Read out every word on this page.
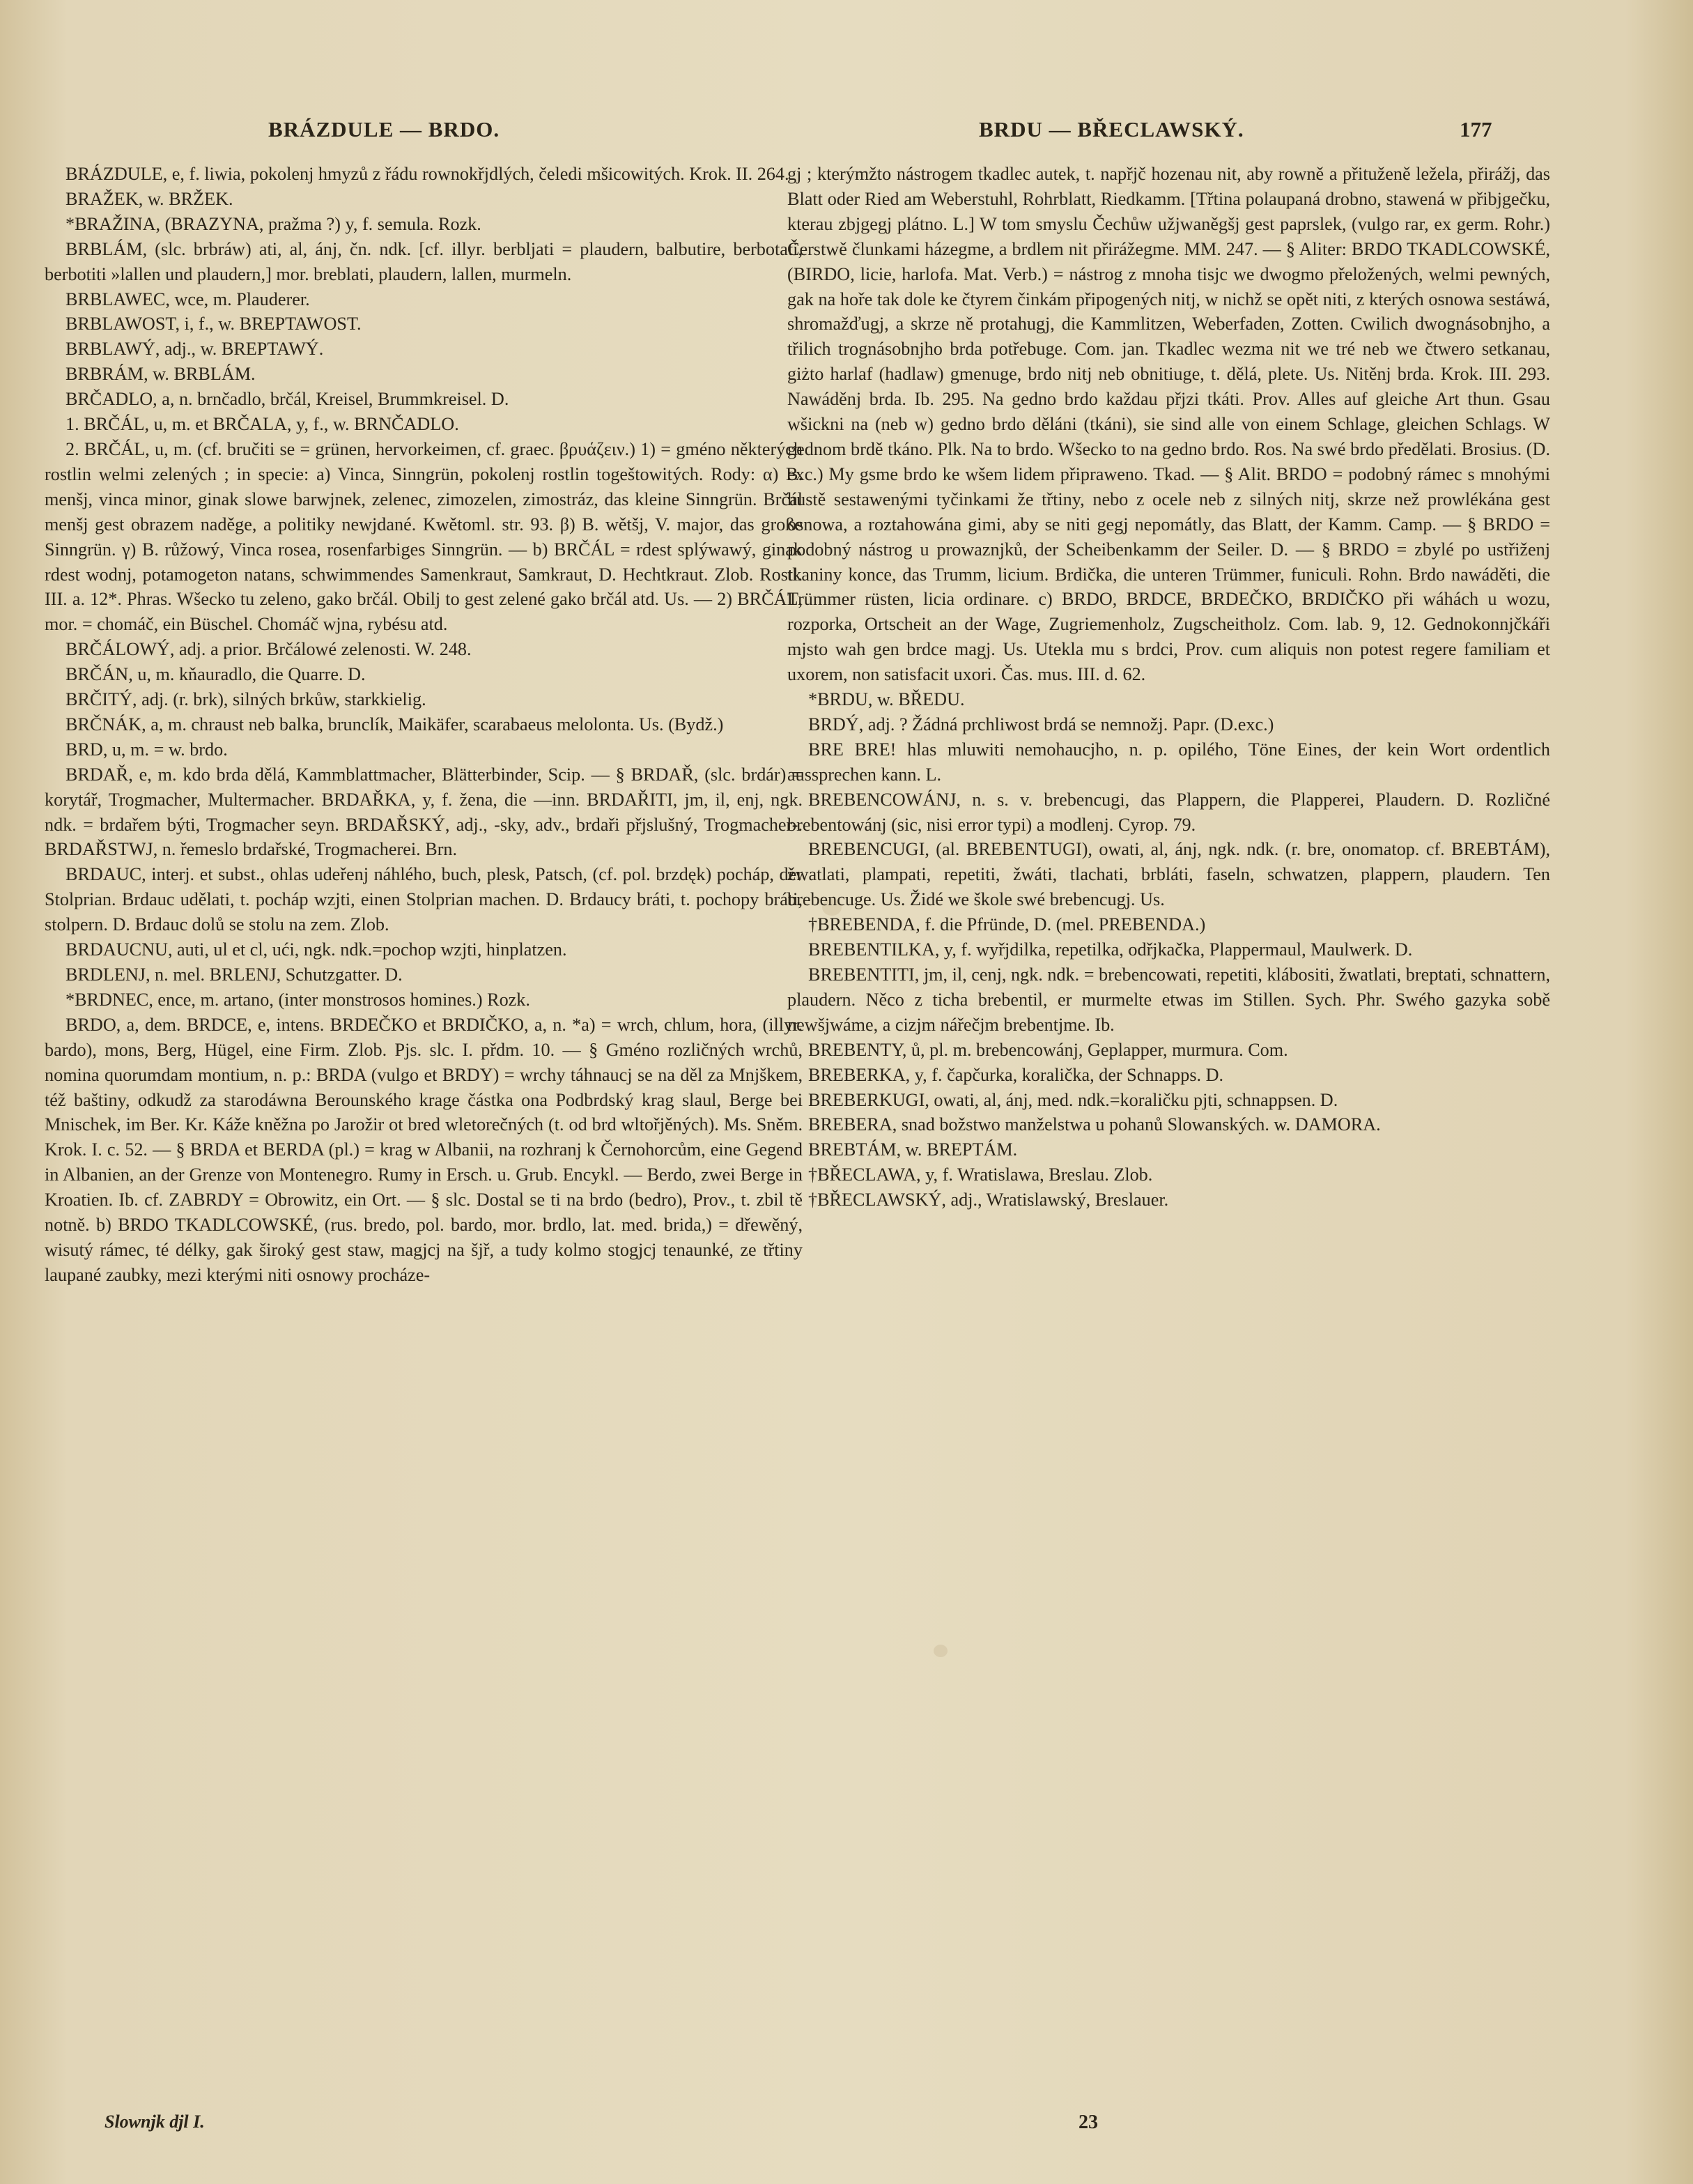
BRÁZDULE — BRDO.	BRDU — BŘECLAWSKÝ.	177

BRÁZDULE, e, f. liwia, pokolenj hmyzů z řádu rownokřjdlých, čeledi mšicowitých. Krok. II. 264.

BRAŽEK, w. BRŽEK.

*BRAŽINA, (BRAZYNA, pražma ?) y, f. semula. Rozk.

BRBLÁM, (slc. brbráw) ati, al, ánj, čn. ndk. [cf. illyr. berbljati = plaudern, balbutire, berbotati, berbotiti »lallen und plaudern,] mor. breblati, plaudern, lallen, murmeln.

BRBLAWEC, wce, m. Plauderer.

BRBLAWOST, i, f., w. BREPTAWOST.

BRBLAWÝ, adj., w. BREPTAWÝ.

BRBRÁM, w. BRBLÁM.

BRČADLO, a, n. brnčadlo, brčál, Kreisel, Brummkreisel. D.

1. BRČÁL, u, m. et BRČALA, y, f., w. BRNČADLO.

2. BRČÁL, u, m. (cf. bručiti se = grünen, hervorkeimen, cf. graec. βρυάζειν.) 1) = gméno některých rostlin welmi zelených ; in specie: a) Vinca, Sinngrün, pokolenj rostlin togeštowitých. Rody: α) B. menšj, vinca minor, ginak slowe barwjnek, zelenec, zimozelen, zimostráz, das kleine Sinngrün. Brčál menšj gest obrazem naděge, a politiky newjdané. Kwětoml. str. 93. β) B. wětšj, V. major, das große Sinngrün. γ) B. růžowý, Vinca rosea, rosenfarbiges Sinngrün. — b) BRČÁL = rdest splýwawý, ginak rdest wodnj, potamogeton natans, schwimmendes Samenkraut, Samkraut, D. Hechtkraut. Zlob. Rostl. III. a. 12*. Phras. Wšecko tu zeleno, gako brčál. Obilj to gest zelené gako brčál atd. Us. — 2) BRČÁL, mor. = chomáč, ein Büschel. Chomáč wjna, rybésu atd.

BRČÁLOWÝ, adj. a prior. Brčálowé zelenosti. W. 248.

BRČÁN, u, m. kňauradlo, die Quarre. D.

BRČITÝ, adj. (r. brk), silných brkůw, starkkielig.

BRČNÁK, a, m. chraust neb balka, brunclík, Maikäfer, scarabaeus melolonta. Us. (Bydž.)

BRD, u, m. = w. brdo.

BRDAŘ, e, m. kdo brda dělá, Kammblattmacher, Blätterbinder, Scip. — § BRDAŘ, (slc. brdár) = korytář, Trogmacher, Multermacher. BRDAŘKA, y, f. žena, die —inn. BRDAŘITI, jm, il, enj, ngk. ndk. = brdařem býti, Trogmacher seyn. BRDAŘSKÝ, adj., -sky, adv., brdaři přjslušný, Trogmacher-. BRDAŘSTWJ, n. řemeslo brdařské, Trogmacherei. Brn.

BRDAUC, interj. et subst., ohlas udeřenj náhlého, buch, plesk, Patsch, (cf. pol. brzdęk) pocháp, der Stolprian. Brdauc udělati, t. pocháp wzjti, einen Stolprian machen. D. Brdaucy bráti, t. pochopy bráti, stolpern. D. Brdauc dolů se stolu na zem. Zlob.

BRDAUCNU, auti, ul et cl, ući, ngk. ndk.=pochop wzjti, hinplatzen.

BRDLENJ, n. mel. BRLENJ, Schutzgatter. D.

*BRDNEC, ence, m. artano, (inter monstrosos homines.) Rozk.

BRDO, a, dem. BRDCE, e, intens. BRDEČKO et BRDIČKO, a, n. *a) = wrch, chlum, hora, (illyr. bardo), mons, Berg, Hügel, eine Firm. Zlob. Pjs. slc. I. přdm. 10. — § Gméno rozličných wrchů, nomina quorumdam montium, n. p.: BRDA (vulgo et BRDY) = wrchy táhnaucj se na děl za Mnjškem, též baštiny, odkudž za starodáwna Berounského krage částka ona Podbrdský krag slaul, Berge bei Mnischek, im Ber. Kr. Káže kněžna po Jarožir ot bred wletorečných (t. od brd wltořjěných). Ms. Sněm. Krok. I. c. 52. — § BRDA et BERDA (pl.) = krag w Albanii, na rozhranj k Černohorcům, eine Gegend in Albanien, an der Grenze von Montenegro. Rumy in Ersch. u. Grub. Encykl. — Berdo, zwei Berge in Kroatien. Ib. cf. ZABRDY = Obrowitz, ein Ort. — § slc. Dostal se ti na brdo (bedro), Prov., t. zbil tě notně. b) BRDO TKADLCOWSKÉ, (rus. bredo, pol. bardo, mor. brdlo, lat. med. brida,) = dřewěný, wisutý rámec, té délky, gak široký gest staw, magjcj na šjř, a tudy kolmo stogjcj tenaunké, ze třtiny laupané zaubky, mezi kterými niti osnowy procháze-

Slownjk djl I.

gj ; kterýmžto nástrogem tkadlec autek, t. napřjč hozenau nit, aby rowně a přituženě ležela, přirážj, das Blatt oder Ried am Weberstuhl, Rohrblatt, Riedkamm. [Třtina polaupaná drobno, stawená w přibjgečku, kterau zbjgegj plátno. L.] W tom smyslu Čechůw užjwaněgšj gest paprslek, (vulgo rar, ex germ. Rohr.) Čerstwě člunkami házegme, a brdlem nit přirážegme. MM. 247. — § Aliter: BRDO TKADLCOWSKÉ, (BIRDO, licie, harlofa. Mat. Verb.) = nástrog z mnoha tisjc we dwogmo přeložených, welmi pewných, gak na hoře tak dole ke čtyrem činkám připogených nitj, w nichž se opět niti, z kterých osnowa sestáwá, shromažďugj, a skrze ně protahugj, die Kammlitzen, Weberfaden, Zotten. Cwilich dwognásobnjho, a třilich trognásobnjho brda potřebuge. Com. jan. Tkadlec wezma nit we tré neb we čtwero setkanau, giżto harlaf (hadlaw) gmenuge, brdo nitj neb obnitiuge, t. dělá, plete. Us. Nitěnj brda. Krok. III. 293. Nawáděnj brda. Ib. 295. Na gedno brdo každau přjzi tkáti. Prov. Alles auf gleiche Art thun. Gsau wšickni na (neb w) gedno brdo děláni (tkáni), sie sind alle von einem Schlage, gleichen Schlags. W gednom brdě tkáno. Plk. Na to brdo. Wšecko to na gedno brdo. Ros. Na swé brdo předělati. Brosius. (D. exc.) My gsme brdo ke wšem lidem připraweno. Tkad. — § Alit. BRDO = podobný rámec s mnohými hustě sestawenými tyčinkami že třtiny, nebo z ocele neb z silných nitj, skrze než prowlékána gest osnowa, a roztahowána gimi, aby se niti gegj nepomátly, das Blatt, der Kamm. Camp. — § BRDO = podobný nástrog u prowaznjků, der Scheibenkamm der Seiler. D. — § BRDO = zbylé po ustřiženj tkaniny konce, das Trumm, licium. Brdička, die unteren Trümmer, funiculi. Rohn. Brdo nawáděti, die Trümmer rüsten, licia ordinare. c) BRDO, BRDCE, BRDEČKO, BRDIČKO při wáhách u wozu, rozporka, Ortscheit an der Wage, Zugriemenholz, Zugscheitholz. Com. lab. 9, 12. Gednokonnjčkáři mjsto wah gen brdce magj. Us. Utekla mu s brdci, Prov. cum aliquis non potest regere familiam et uxorem, non satisfacit uxori. Čas. mus. III. d. 62.

*BRDU, w. BŘEDU.

BRDÝ, adj. ? Žádná prchliwost brdá se nemnožj. Papr. (D.exc.)

BRE BRE! hlas mluwiti nemohaucjho, n. p. opilého, Töne Eines, der kein Wort ordentlich aussprechen kann. L.

BREBENCOWÁNJ, n. s. v. brebencugi, das Plappern, die Plapperei, Plaudern. D. Rozličné brebentowánj (sic, nisi error typi) a modlenj. Cyrop. 79.

BREBENCUGI, (al. BREBENTUGI), owati, al, ánj, ngk. ndk. (r. bre, onomatop. cf. BREBTÁM), žwatlati, plampati, repetiti, žwáti, tlachati, brbláti, faseln, schwatzen, plappern, plaudern. Ten brebencuge. Us. Židé we škole swé brebencugj. Us.

†BREBENDA, f. die Pfründe, D. (mel. PREBENDA.)

BREBENTILKA, y, f. wyřjdilka, repetilka, odřjkačka, Plappermaul, Maulwerk. D.

BREBENTITI, jm, il, cenj, ngk. ndk. = brebencowati, repetiti, klábositi, žwatlati, breptati, schnattern, plaudern. Něco z ticha brebentil, er murmelte etwas im Stillen. Sych. Phr. Swého gazyka sobě newšjwáme, a cizjm nářečjm brebentjme. Ib.

BREBENTY, ů, pl. m. brebencowánj, Geplapper, murmura. Com.

BREBERKA, y, f. čapčurka, koralička, der Schnapps. D.

BREBERKUGI, owati, al, ánj, med. ndk.=koraličku pjti, schnappsen. D.

BREBERA, snad božstwo manželstwa u pohanů Slowanských. w. DAMORA.

BREBTÁM, w. BREPTÁM.

†BŘECLAWA, y, f. Wratislawa, Breslau. Zlob.

†BŘECLAWSKÝ, adj., Wratislawský, Breslauer.

23
